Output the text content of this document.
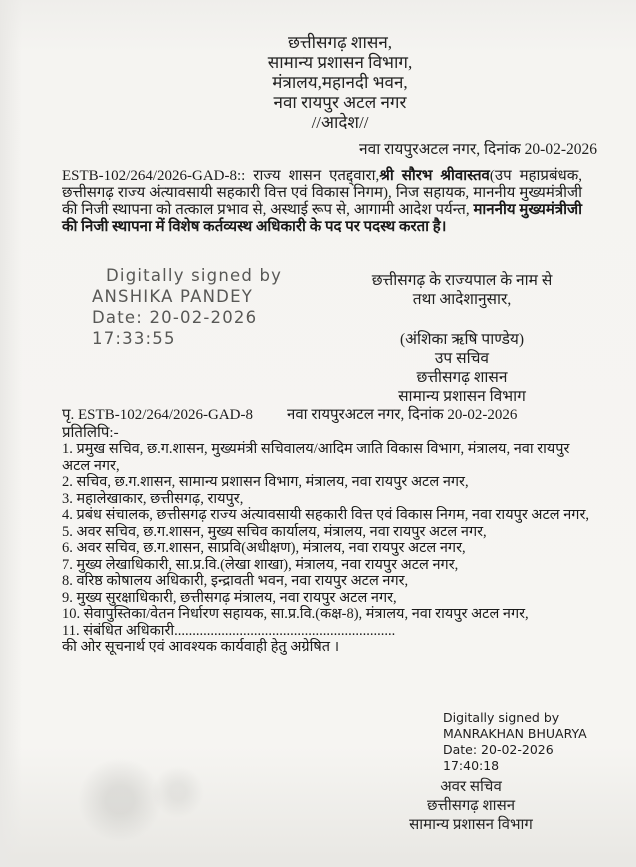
छत्तीसगढ़ शासन,
सामान्य प्रशासन विभाग,
मंत्रालय,महानदी भवन,
नवा रायपुर अटल नगर
//आदेश//
नवा रायपुरअटल नगर, दिनांक 20-02-2026
ESTB-102/264/2026-GAD-8:: राज्य शासन एतद्द्वारा,श्री सौरभ श्रीवास्तव(उप महाप्रबंधक, छत्तीसगढ़ राज्य अंत्यावसायी सहकारी वित्त एवं विकास निगम), निज सहायक, माननीय मुख्यमंत्रीजी की निजी स्थापना को तत्काल प्रभाव से, अस्थाई रूप से, आगामी आदेश पर्यन्त, माननीय मुख्यमंत्रीजी की निजी स्थापना में विशेष कर्तव्यस्थ अधिकारी के पद पर पदस्थ करता है।
Digitally signed by
ANSHIKA PANDEY
Date: 20-02-2026
17:33:55
छत्तीसगढ़ के राज्यपाल के नाम से
तथा आदेशानुसार,
(अंशिका ऋषि पाण्डेय)
उप सचिव
छत्तीसगढ़ शासन
सामान्य प्रशासन विभाग
पृ. ESTB-102/264/2026-GAD-8 नवा रायपुरअटल नगर, दिनांक 20-02-2026
प्रतिलिपि:-
1. प्रमुख सचिव, छ.ग.शासन, मुख्यमंत्री सचिवालय/आदिम जाति विकास विभाग, मंत्रालय, नवा रायपुर अटल नगर,
2. सचिव, छ.ग.शासन, सामान्य प्रशासन विभाग, मंत्रालय, नवा रायपुर अटल नगर,
3. महालेखाकार, छत्तीसगढ़, रायपुर,
4. प्रबंध संचालक, छत्तीसगढ़ राज्य अंत्यावसायी सहकारी वित्त एवं विकास निगम, नवा रायपुर अटल नगर,
5. अवर सचिव, छ.ग.शासन, मुख्य सचिव कार्यालय, मंत्रालय, नवा रायपुर अटल नगर,
6. अवर सचिव, छ.ग.शासन, साप्रवि(अधीक्षण), मंत्रालय, नवा रायपुर अटल नगर,
7. मुख्य लेखाधिकारी, सा.प्र.वि.(लेखा शाखा), मंत्रालय, नवा रायपुर अटल नगर,
8. वरिष्ठ कोषालय अधिकारी, इन्द्रावती भवन, नवा रायपुर अटल नगर,
9. मुख्य सुरक्षाधिकारी, छत्तीसगढ़ मंत्रालय, नवा रायपुर अटल नगर,
10. सेवापुस्तिका/वेतन निर्धारण सहायक, सा.प्र.वि.(कक्ष-8), मंत्रालय, नवा रायपुर अटल नगर,
11. संबंधित अधिकारी.............................................................
की ओर सूचनार्थ एवं आवश्यक कार्यवाही हेतु अग्रेषित ।
Digitally signed by
MANRAKHAN BHUARYA
Date: 20-02-2026
17:40:18
अवर सचिव
छत्तीसगढ़ शासन
सामान्य प्रशासन विभाग
